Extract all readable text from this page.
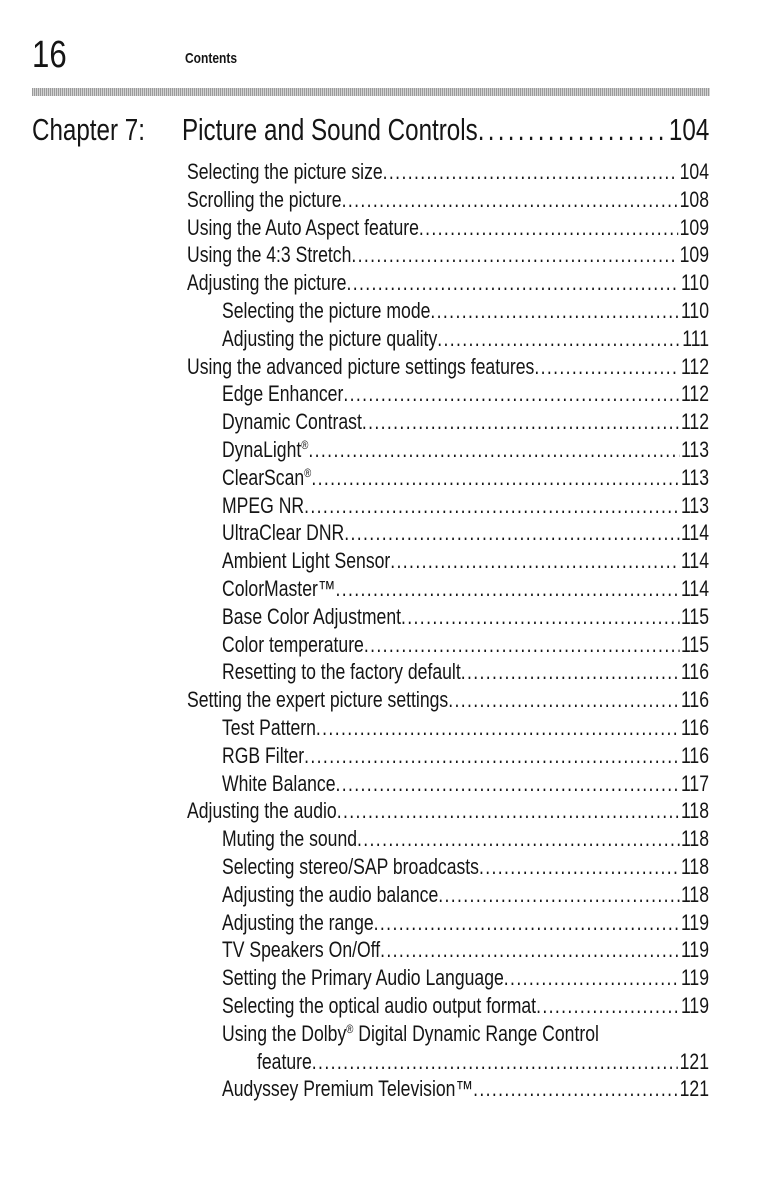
16	Contents
Chapter 7: Picture and Sound Controls . . .	104
Selecting the picture size . . .	104
Scrolling the picture . . .	108
Using the Auto Aspect feature . . .	109
Using the 4:3 Stretch . . .	109
Adjusting the picture . . .	110
Selecting the picture mode . . .	110
Adjusting the picture quality . . .	111
Using the advanced picture settings features . . .	112
Edge Enhancer . . .	112
Dynamic Contrast . . .	112
DynaLight® . . .	113
ClearScan® . . .	113
MPEG NR . . .	113
UltraClear DNR . . .	114
Ambient Light Sensor . . .	114
ColorMaster™ . . .	114
Base Color Adjustment . . .	115
Color temperature . . .	115
Resetting to the factory default . . .	116
Setting the expert picture settings . . .	116
Test Pattern . . .	116
RGB Filter . . .	116
White Balance . . .	117
Adjusting the audio . . .	118
Muting the sound . . .	118
Selecting stereo/SAP broadcasts . . .	118
Adjusting the audio balance . . .	118
Adjusting the range . . .	119
TV Speakers On/Off . . .	119
Setting the Primary Audio Language . . .	119
Selecting the optical audio output format . . .	119
Using the Dolby® Digital Dynamic Range Control
feature . . .	121
Audyssey Premium Television™ . . .	121
